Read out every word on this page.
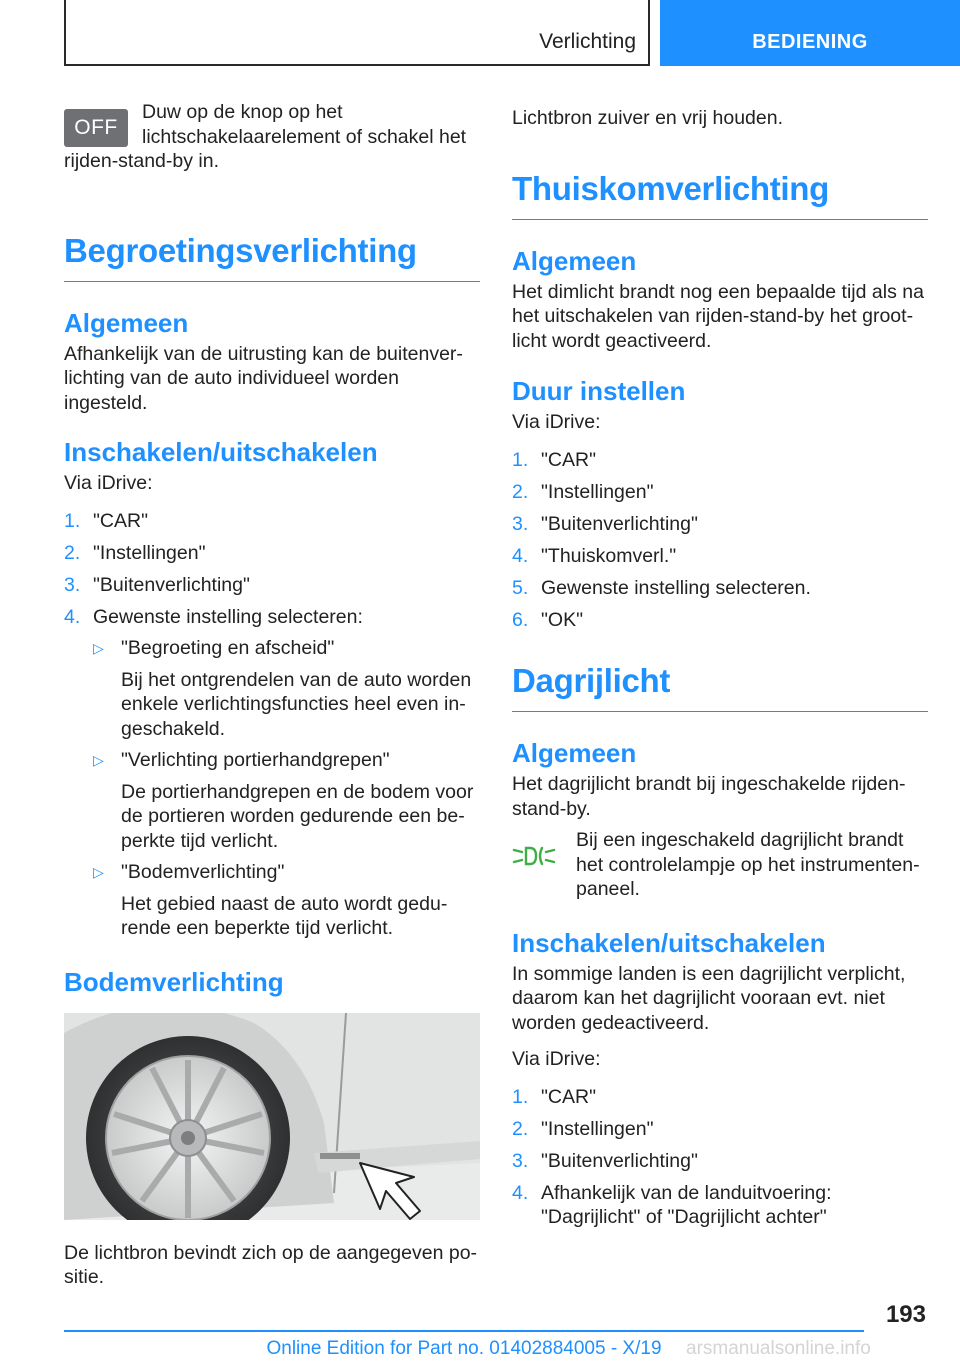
Verlichting	BEDIENING
OFF

Duw op de knop op het lichtschakelaarelement of schakel het rijden-stand-by in.

Begroetingsverlichting
Algemeen

Afhankelijk van de uitrusting kan de buitenverlichting van de auto individueel worden ingesteld.

Inschakelen/uitschakelen

Via iDrive:

1. "CAR"
2. "Instellingen"
3. "Buitenverlichting"
4. Gewenste instelling selecteren:
▷ "Begroeting en afscheid"
Bij het ontgrendelen van de auto worden enkele verlichtingsfuncties heel even ingeschakeld.
▷ "Verlichting portierhandgrepen"
De portierhandgrepen en de bodem voor de portieren worden gedurende een beperkte tijd verlicht.
▷ "Bodemverlichting"
Het gebied naast de auto wordt gedurende een beperkte tijd verlicht.
Bodemverlichting

De lichtbron bevindt zich op de aangegeven positie.

Lichtbron zuiver en vrij houden.

Thuiskomverlichting
Algemeen

Het dimlicht brandt nog een bepaalde tijd als na het uitschakelen van rijden-stand-by het grootlicht wordt geactiveerd.

Duur instellen

Via iDrive:

1. "CAR"
2. "Instellingen"
3. "Buitenverlichting"
4. "Thuiskomverl."
5. Gewenste instelling selecteren.
6. "OK"
Dagrijlicht
Algemeen

Het dagrijlicht brandt bij ingeschakelde rijden-stand-by.

Bij een ingeschakeld dagrijlicht brandt het controlelampje op het instrumentenpaneel.

Inschakelen/uitschakelen

In sommige landen is een dagrijlicht verplicht, daarom kan het dagrijlicht vooraan evt. niet worden gedeactiveerd.

Via iDrive:

1. "CAR"
2. "Instellingen"
3. "Buitenverlichting"
4. Afhankelijk van de landuitvoering: "Dagrijlicht" of "Dagrijlicht achter"
193
Online Edition for Part no. 01402884005 - X/19	arsmanualsonline.info
